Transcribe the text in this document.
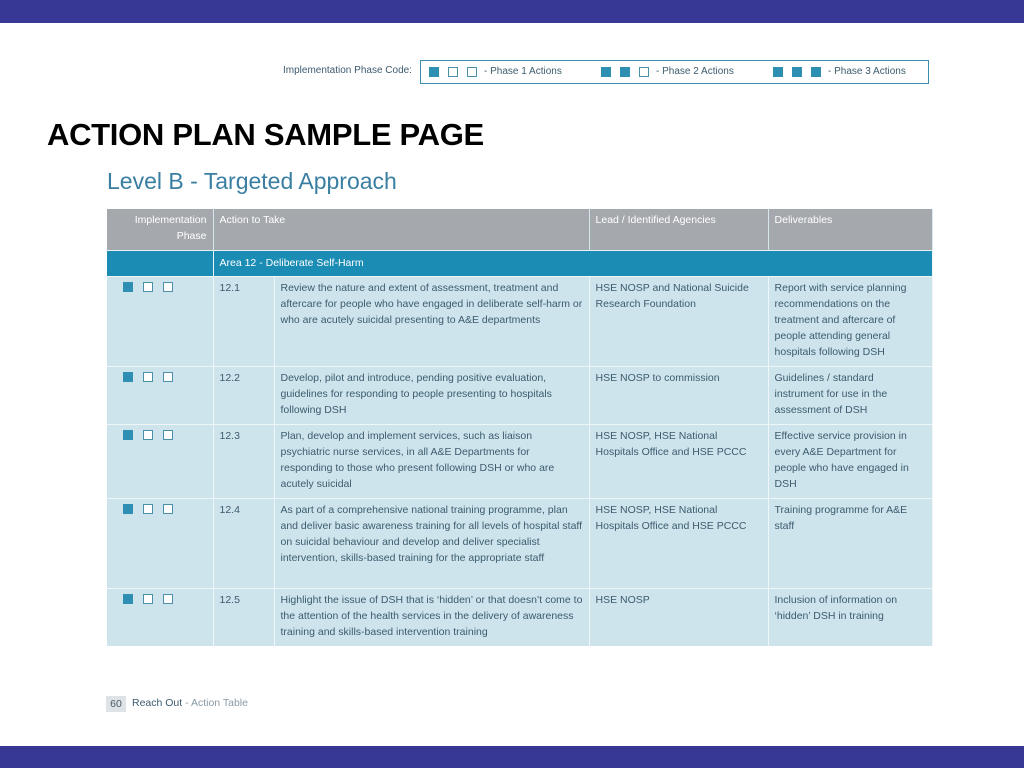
Implementation Phase Code:	- Phase 1 Actions	- Phase 2 Actions	- Phase 3 Actions
ACTION PLAN SAMPLE PAGE
Level B - Targeted Approach
Implementation Phase	Action to Take		Lead / Identified Agencies	Deliverables
	Area 12 - Deliberate Self-Harm			

	12.1	Review the nature and extent of assessment, treatment and aftercare for people who have engaged in deliberate self-harm or who are acutely suicidal presenting to A&E departments	HSE NOSP and National Suicide Research Foundation	Report with service planning recommendations on the treatment and aftercare of people attending general hospitals following DSH

	12.2	Develop, pilot and introduce, pending positive evaluation, guidelines for responding to people presenting to hospitals following DSH	HSE NOSP to commission	Guidelines / standard instrument for use in the assessment of DSH

	12.3	Plan, develop and implement services, such as liaison psychiatric nurse services, in all A&E Departments for responding to those who present following DSH or who are acutely suicidal	HSE NOSP, HSE National Hospitals Office and HSE PCCC	Effective service provision in every A&E Department for people who have engaged in DSH

	12.4	As part of a comprehensive national training programme, plan and deliver basic awareness training for all levels of hospital staff on suicidal behaviour and develop and deliver specialist intervention, skills-based training for the appropriate staff	HSE NOSP, HSE National Hospitals Office and HSE PCCC	Training programme for A&E staff

	12.5	Highlight the issue of DSH that is ‘hidden’ or that doesn’t come to the attention of the health services in the delivery of awareness training and skills-based intervention training	HSE NOSP	Inclusion of information on ‘hidden’ DSH in training
60 Reach Out - Action Table
